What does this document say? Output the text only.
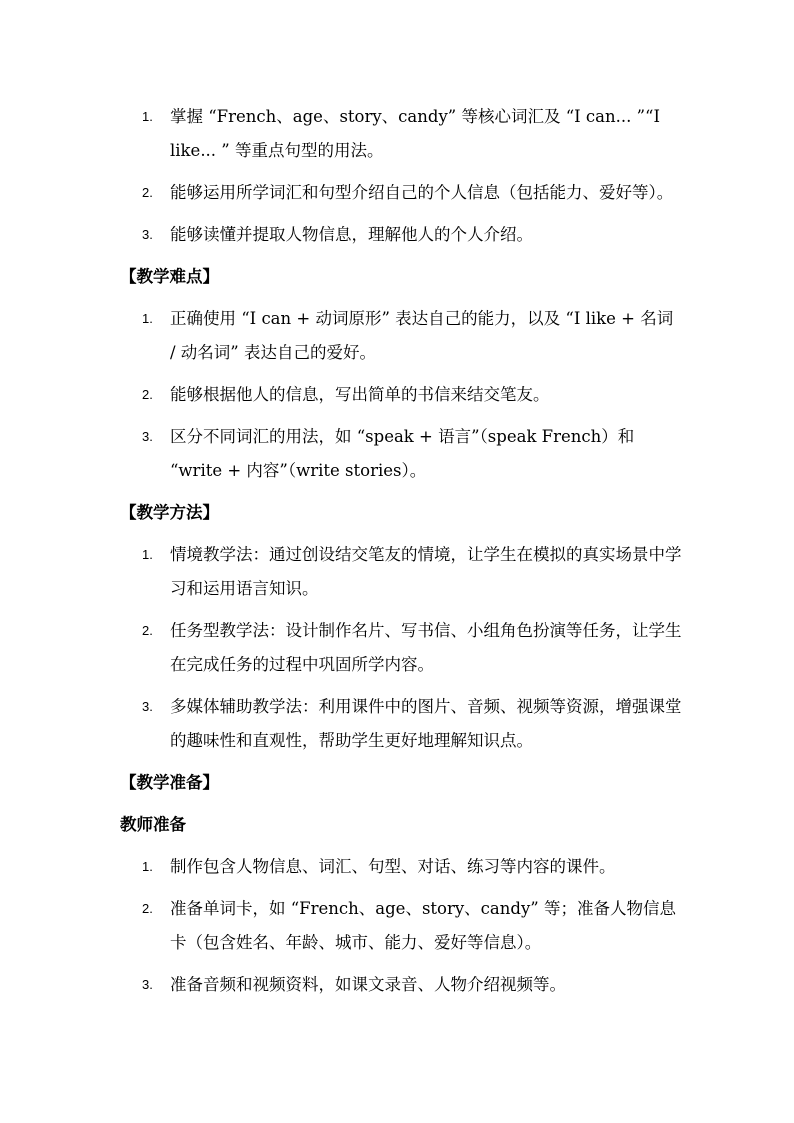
1. 掌握 “French、age、story、candy” 等核心词汇及 “I can... ”“I like... ” 等重点句型的用法。
2. 能够运用所学词汇和句型介绍自己的个人信息（包括能力、爱好等）。
3. 能够读懂并提取人物信息，理解他人的个人介绍。
【教学难点】
1. 正确使用 “I can + 动词原形” 表达自己的能力，以及 “I like + 名词 / 动名词” 表达自己的爱好。
2. 能够根据他人的信息，写出简单的书信来结交笔友。
3. 区分不同词汇的用法，如 “speak + 语言”（speak French）和 “write + 内容”（write stories）。
【教学方法】
1. 情境教学法：通过创设结交笔友的情境，让学生在模拟的真实场景中学习和运用语言知识。
2. 任务型教学法：设计制作名片、写书信、小组角色扮演等任务，让学生在完成任务的过程中巩固所学内容。
3. 多媒体辅助教学法：利用课件中的图片、音频、视频等资源，增强课堂的趣味性和直观性，帮助学生更好地理解知识点。
【教学准备】
教师准备
1. 制作包含人物信息、词汇、句型、对话、练习等内容的课件。
2. 准备单词卡，如 “French、age、story、candy” 等；准备人物信息卡（包含姓名、年龄、城市、能力、爱好等信息）。
3. 准备音频和视频资料，如课文录音、人物介绍视频等。
